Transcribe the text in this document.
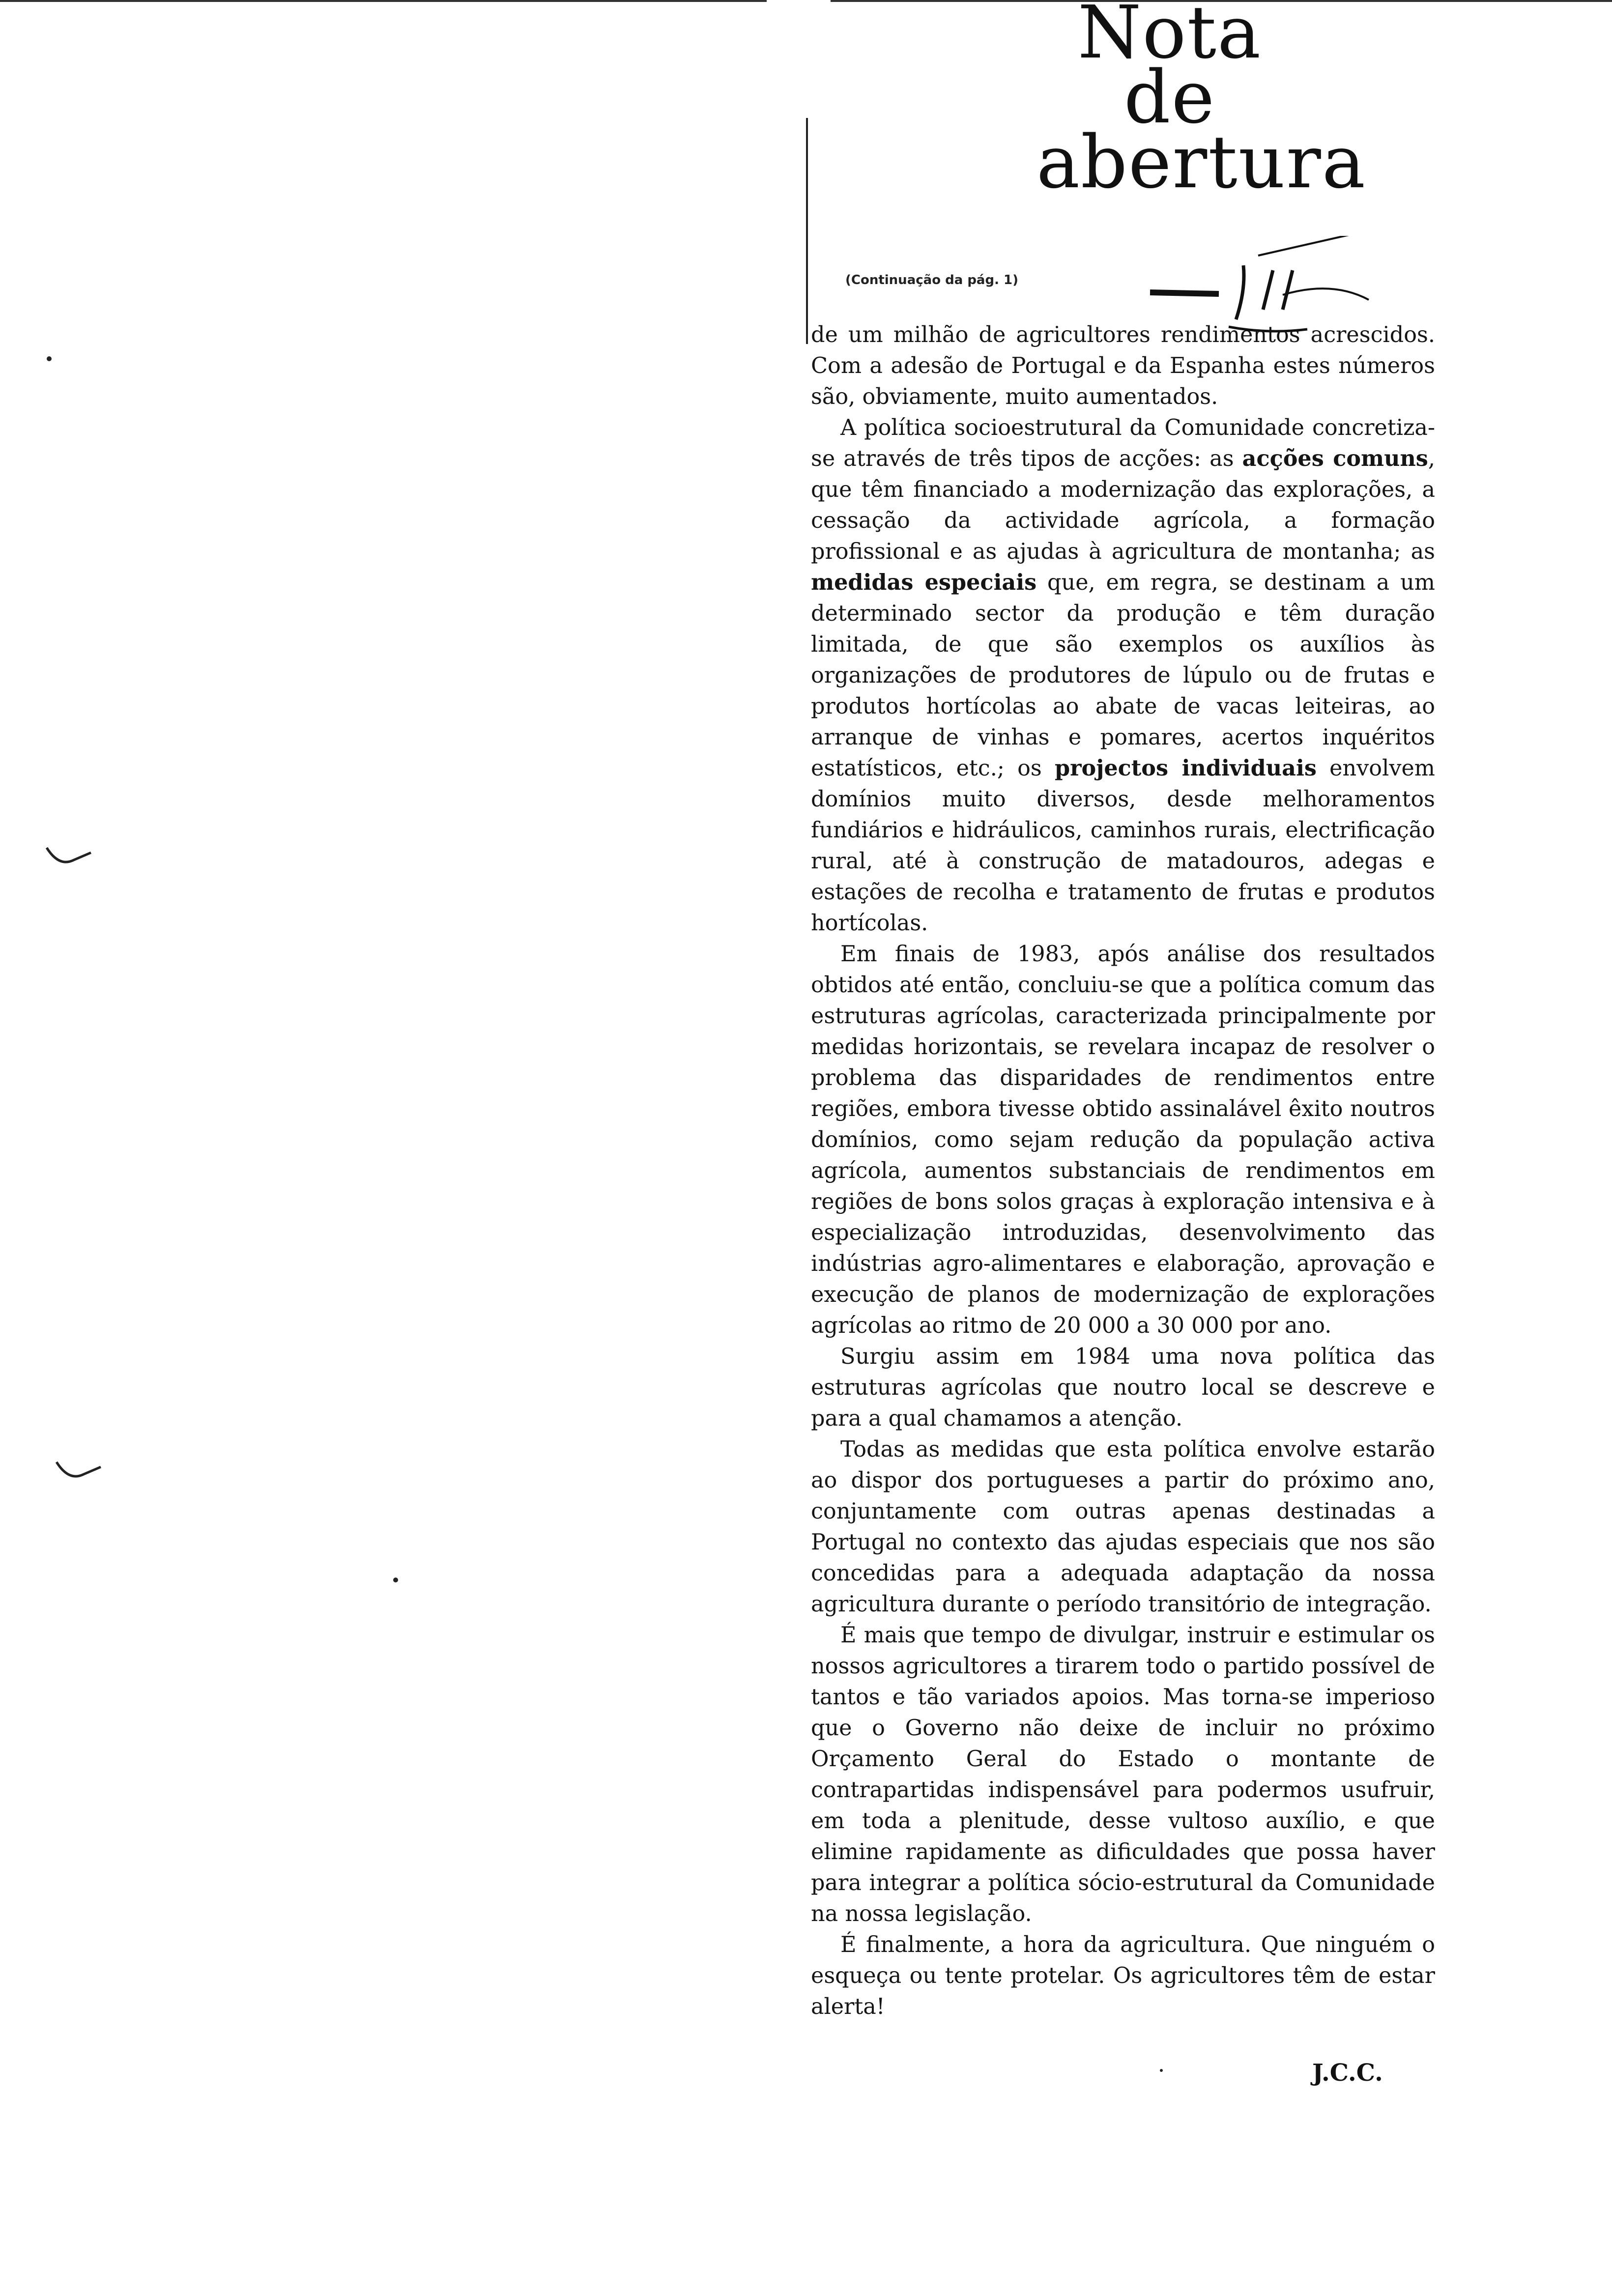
Nota
de
abertura
(Continuação da pág. 1)

de um milhão de agricultores rendimentos acrescidos. Com a adesão de Portugal e da Espanha estes números são, obviamente, muito aumentados.

A política socioestrutural da Comunidade concretiza-se através de três tipos de acções: as acções comuns, que têm financiado a modernização das explorações, a cessação da actividade agrícola, a formação profissional e as ajudas à agricultura de montanha; as medidas especiais que, em regra, se destinam a um determinado sector da produção e têm duração limitada, de que são exemplos os auxílios às organizações de produtores de lúpulo ou de frutas e produtos hortícolas ao abate de vacas leiteiras, ao arranque de vinhas e pomares, acertos inquéritos estatísticos, etc.; os projectos individuais envolvem domínios muito diversos, desde melhoramentos fundiários e hidráulicos, caminhos rurais, electrificação rural, até à construção de matadouros, adegas e estações de recolha e tratamento de frutas e produtos hortícolas.

Em finais de 1983, após análise dos resultados obtidos até então, concluiu-se que a política comum das estruturas agrícolas, caracterizada principalmente por medidas horizontais, se revelara incapaz de resolver o problema das disparidades de rendimentos entre regiões, embora tivesse obtido assinalável êxito noutros domínios, como sejam redução da população activa agrícola, aumentos substanciais de rendimentos em regiões de bons solos graças à exploração intensiva e à especialização introduzidas, desenvolvimento das indústrias agro-alimentares e elaboração, aprovação e execução de planos de modernização de explorações agrícolas ao ritmo de 20 000 a 30 000 por ano.

Surgiu assim em 1984 uma nova política das estruturas agrícolas que noutro local se descreve e para a qual chamamos a atenção.

Todas as medidas que esta política envolve estarão ao dispor dos portugueses a partir do próximo ano, conjuntamente com outras apenas destinadas a Portugal no contexto das ajudas especiais que nos são concedidas para a adequada adaptação da nossa agricultura durante o período transitório de integração.

É mais que tempo de divulgar, instruir e estimular os nossos agricultores a tirarem todo o partido possível de tantos e tão variados apoios. Mas torna-se imperioso que o Governo não deixe de incluir no próximo Orçamento Geral do Estado o montante de contrapartidas indispensável para podermos usufruir, em toda a plenitude, desse vultoso auxílio, e que elimine rapidamente as dificuldades que possa haver para integrar a política sócio-estrutural da Comunidade na nossa legislação.

É finalmente, a hora da agricultura. Que ninguém o esqueça ou tente protelar. Os agricultores têm de estar alerta!

J.C.C.
